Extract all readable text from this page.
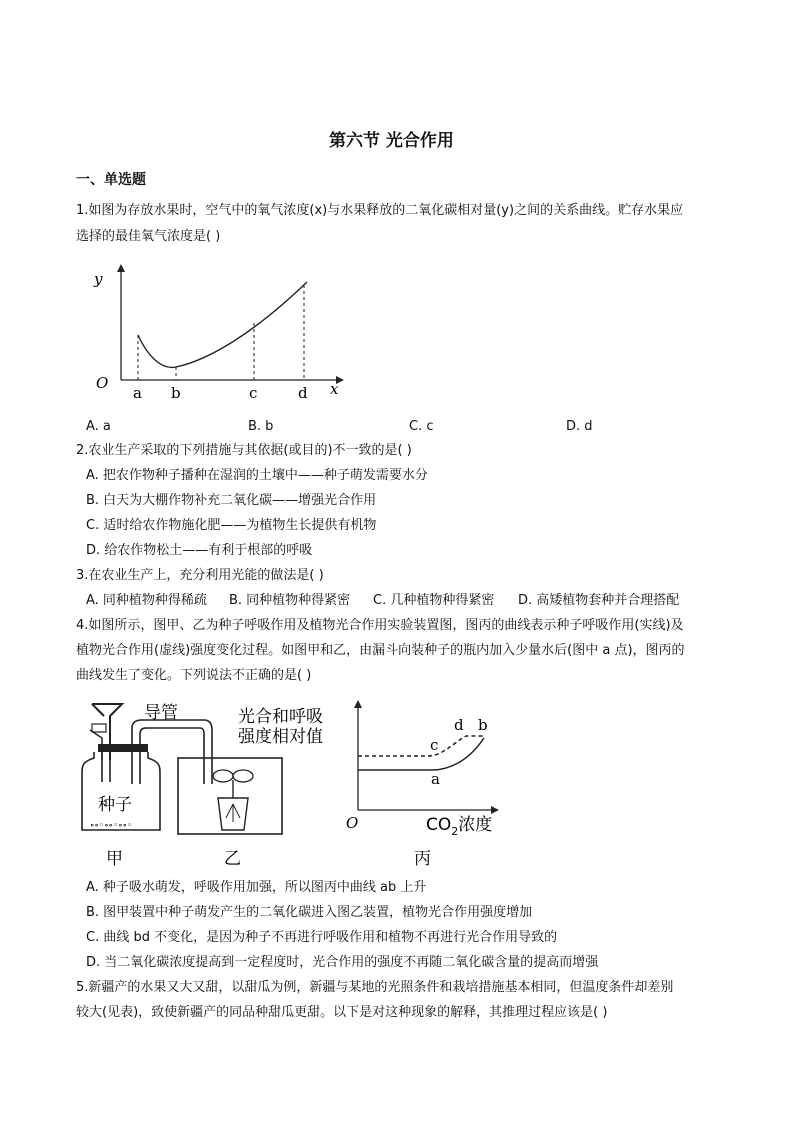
第六节 光合作用
一、单选题
1.如图为存放水果时，空气中的氧气浓度(x)与水果释放的二氧化碳相对量(y)之间的关系曲线。贮存水果应
选择的最佳氧气浓度是( )
y
O	x
a b	c	d
A. a	B. b	C. c	D. d
2.农业生产采取的下列措施与其依据(或目的)不一致的是( )
A. 把农作物种子播种在湿润的土壤中——种子萌发需要水分
B. 白天为大棚作物补充二氧化碳——增强光合作用
C. 适时给农作物施化肥——为植物生长提供有机物
D. 给农作物松土——有利于根部的呼吸
3.在农业生产上，充分利用光能的做法是( )
A. 同种植物种得稀疏 B. 同种植物种得紧密 C. 几种植物种得紧密 D. 高矮植物套种并合理搭配
4.如图所示，图甲、乙为种子呼吸作用及植物光合作用实验装置图，图丙的曲线表示种子呼吸作用(实线)及
植物光合作用(虚线)强度变化过程。如图甲和乙，由漏斗向装种子的瓶内加入少量水后(图中 a 点)，图丙的
曲线发生了变化。下列说法不正确的是( )
种子
∘∘◦∘∘◦∘∘◦
导管
甲	乙
光合和呼吸
强度相对值
O	$CO_2$浓度
a
c
d b
丙
A. 种子吸水萌发，呼吸作用加强，所以图丙中曲线 ab 上升
B. 图甲装置中种子萌发产生的二氧化碳进入图乙装置，植物光合作用强度增加
C. 曲线 bd 不变化，是因为种子不再进行呼吸作用和植物不再进行光合作用导致的
D. 当二氧化碳浓度提高到一定程度时，光合作用的强度不再随二氧化碳含量的提高而增强
5.新疆产的水果又大又甜，以甜瓜为例，新疆与某地的光照条件和栽培措施基本相同，但温度条件却差别
较大(见表)，致使新疆产的同品种甜瓜更甜。以下是对这种现象的解释，其推理过程应该是( )
